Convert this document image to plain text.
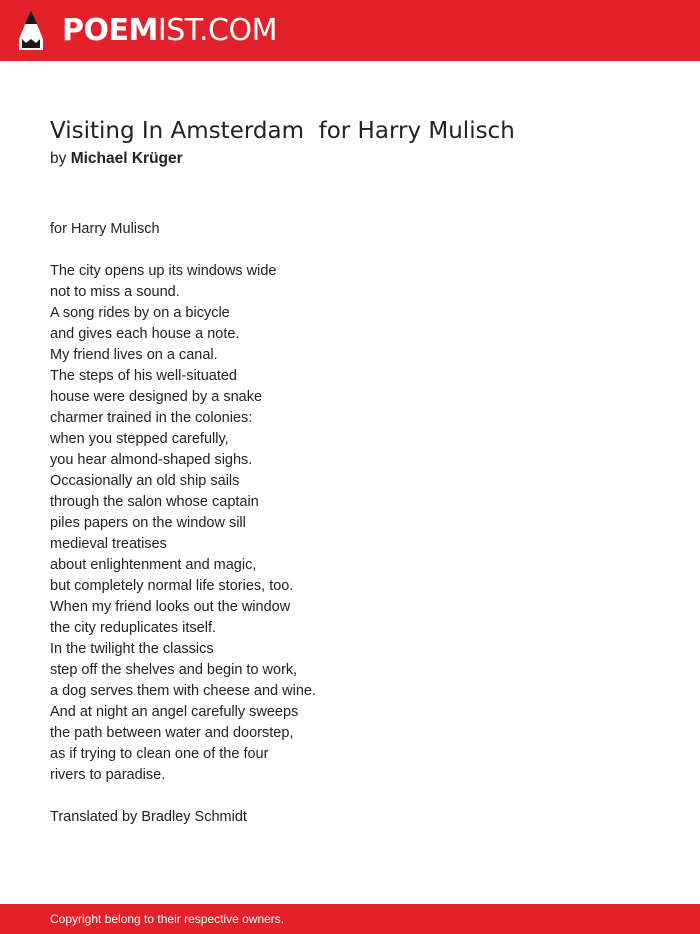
POEMIST.COM
Visiting In Amsterdam  for Harry Mulisch
by Michael Krüger
for Harry Mulisch
The city opens up its windows wide
not to miss a sound.
A song rides by on a bicycle
and gives each house a note.
My friend lives on a canal.
The steps of his well-situated
house were designed by a snake
charmer trained in the colonies:
when you stepped carefully,
you hear almond-shaped sighs.
Occasionally an old ship sails
through the salon whose captain
piles papers on the window sill
medieval treatises
about enlightenment and magic,
but completely normal life stories, too.
When my friend looks out the window
the city reduplicates itself.
In the twilight the classics
step off the shelves and begin to work,
a dog serves them with cheese and wine.
And at night an angel carefully sweeps
the path between water and doorstep,
as if trying to clean one of the four
rivers to paradise.
Translated by Bradley Schmidt
Copyright belong to their respective owners.
